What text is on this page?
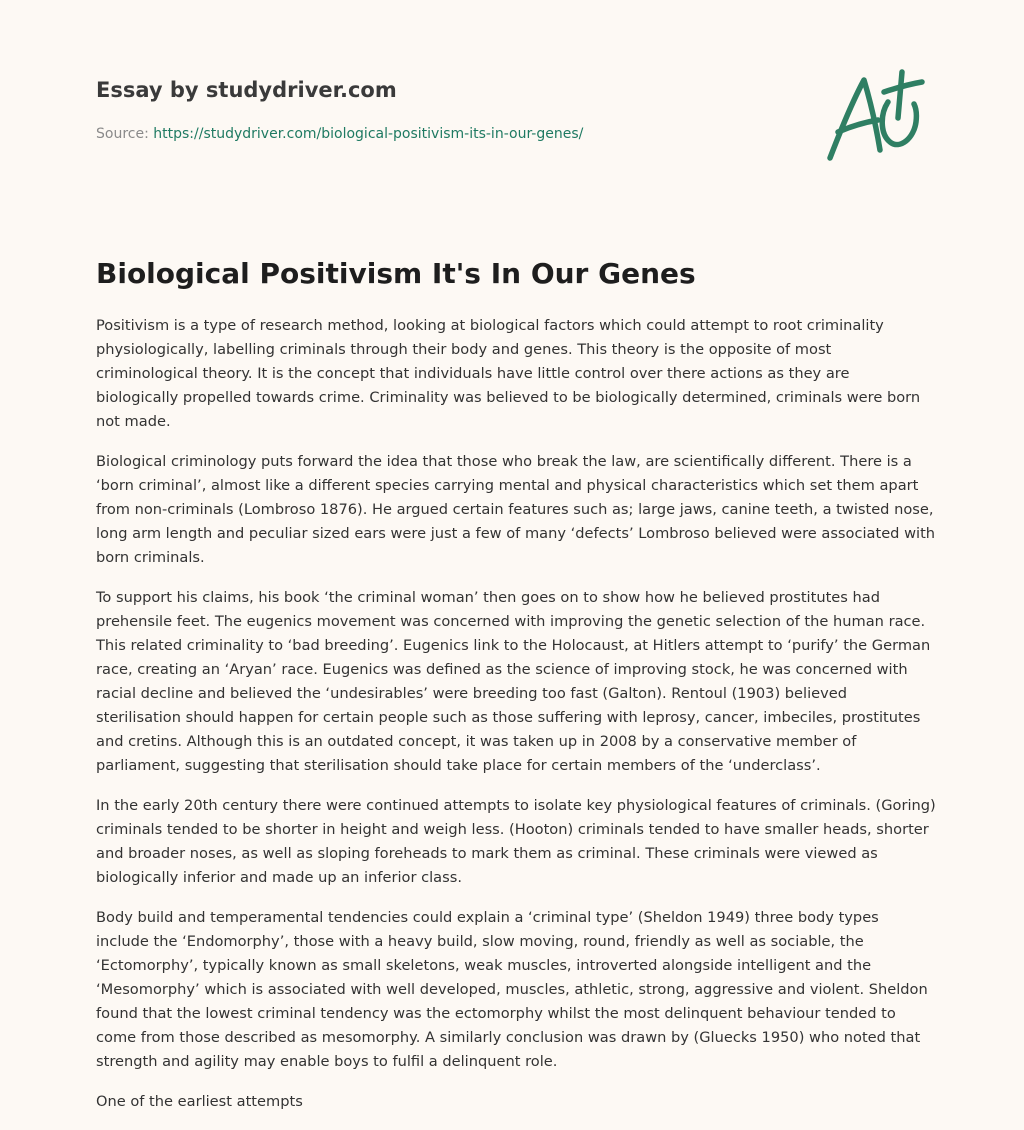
Essay by studydriver.com
Source: https://studydriver.com/biological-positivism-its-in-our-genes/
Biological Positivism It's In Our Genes

Positivism is a type of research method, looking at biological factors which could attempt to root criminality physiologically, labelling criminals through their body and genes. This theory is the opposite of most criminological theory. It is the concept that individuals have little control over there actions as they are biologically propelled towards crime. Criminality was believed to be biologically determined, criminals were born not made.

Biological criminology puts forward the idea that those who break the law, are scientifically different. There is a ‘born criminal’, almost like a different species carrying mental and physical characteristics which set them apart from non-criminals (Lombroso 1876). He argued certain features such as; large jaws, canine teeth, a twisted nose, long arm length and peculiar sized ears were just a few of many ‘defects’ Lombroso believed were associated with born criminals.

To support his claims, his book ‘the criminal woman’ then goes on to show how he believed prostitutes had prehensile feet. The eugenics movement was concerned with improving the genetic selection of the human race. This related criminality to ‘bad breeding’. Eugenics link to the Holocaust, at Hitlers attempt to ‘purify’ the German race, creating an ‘Aryan’ race. Eugenics was defined as the science of improving stock, he was concerned with racial decline and believed the ‘undesirables’ were breeding too fast (Galton). Rentoul (1903) believed sterilisation should happen for certain people such as those suffering with leprosy, cancer, imbeciles, prostitutes and cretins. Although this is an outdated concept, it was taken up in 2008 by a conservative member of parliament, suggesting that sterilisation should take place for certain members of the ‘underclass’.

In the early 20th century there were continued attempts to isolate key physiological features of criminals. (Goring) criminals tended to be shorter in height and weigh less. (Hooton) criminals tended to have smaller heads, shorter and broader noses, as well as sloping foreheads to mark them as criminal. These criminals were viewed as biologically inferior and made up an inferior class.

Body build and temperamental tendencies could explain a ‘criminal type’ (Sheldon 1949) three body types include the ‘Endomorphy’, those with a heavy build, slow moving, round, friendly as well as sociable, the ‘Ectomorphy’, typically known as small skeletons, weak muscles, introverted alongside intelligent and the ‘Mesomorphy’ which is associated with well developed, muscles, athletic, strong, aggressive and violent. Sheldon found that the lowest criminal tendency was the ectomorphy whilst the most delinquent behaviour tended to come from those described as mesomorphy. A similarly conclusion was drawn by (Gluecks 1950) who noted that strength and agility may enable boys to fulfil a delinquent role.

One of the earliest attempts
